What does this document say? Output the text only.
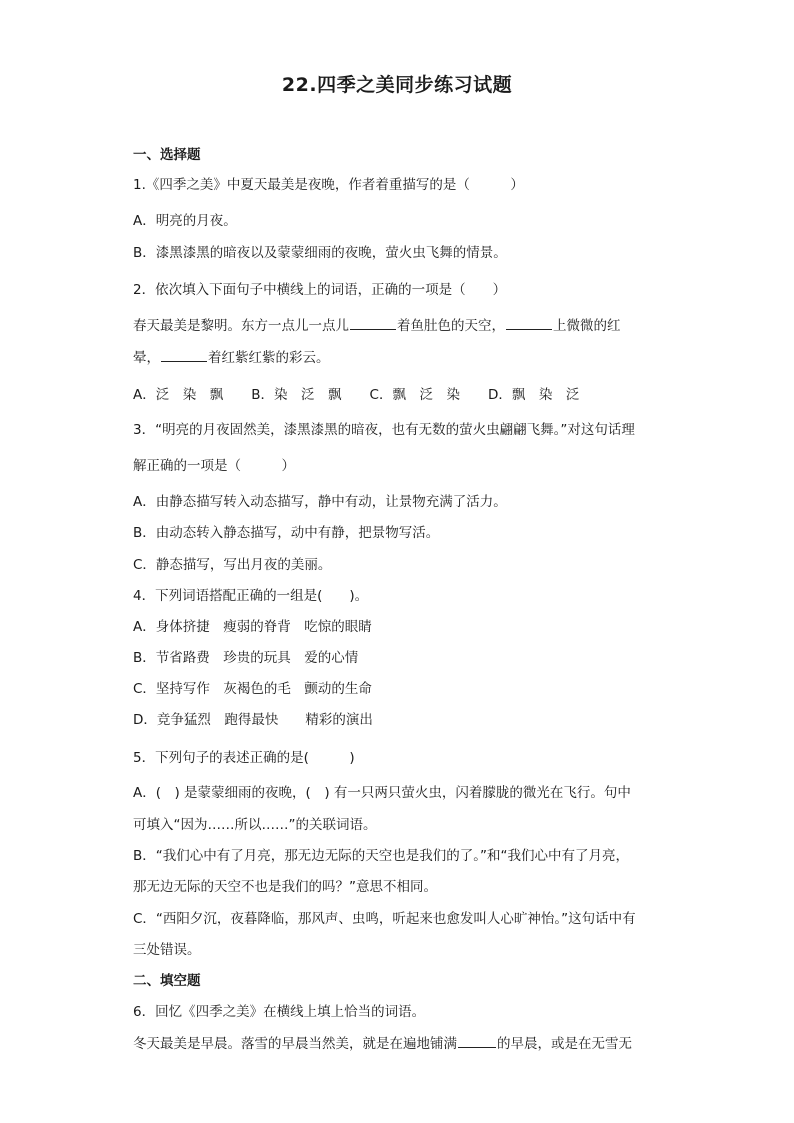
22.四季之美同步练习试题
一、选择题
1.《四季之美》中夏天最美是夜晚，作者着重描写的是（　　　）
A．明亮的月夜。
B．漆黑漆黑的暗夜以及蒙蒙细雨的夜晚，萤火虫飞舞的情景。
2．依次填入下面句子中横线上的词语，正确的一项是（　　）
春天最美是黎明。东方一点儿一点儿	着鱼肚色的天空，	上微微的红
晕，	着红紫红紫的彩云。
A．泛　染　飘 B．染　泛　飘 C．飘　泛　染 D．飘　染　泛
3．“明亮的月夜固然美，漆黑漆黑的暗夜，也有无数的萤火虫翩翩飞舞。”对这句话理
解正确的一项是（　　　）
A．由静态描写转入动态描写，静中有动，让景物充满了活力。
B．由动态转入静态描写，动中有静，把景物写活。
C．静态描写，写出月夜的美丽。
4．下列词语搭配正确的一组是(　　)。
A．身体挤捷　瘦弱的脊背　吃惊的眼睛
B．节省路费　珍贵的玩具　爱的心情
C．坚持写作　灰褐色的毛　颤动的生命
D．竞争猛烈　跑得最快　　精彩的演出
5．下列句子的表述正确的是(　　　)
A．(　) 是蒙蒙细雨的夜晚，(　) 有一只两只萤火虫，闪着朦胧的微光在飞行。句中
可填入“因为……所以……”的关联词语。
B．“我们心中有了月亮，那无边无际的天空也是我们的了。”和“我们心中有了月亮，
那无边无际的天空不也是我们的吗？”意思不相同。
C．“西阳夕沉，夜暮降临，那风声、虫鸣，听起来也愈发叫人心旷神怡。”这句话中有
三处错误。
二、填空题
6．回忆《四季之美》在横线上填上恰当的词语。
冬天最美是早晨。落雪的早晨当然美，就是在遍地铺满	的早晨，或是在无雪无
